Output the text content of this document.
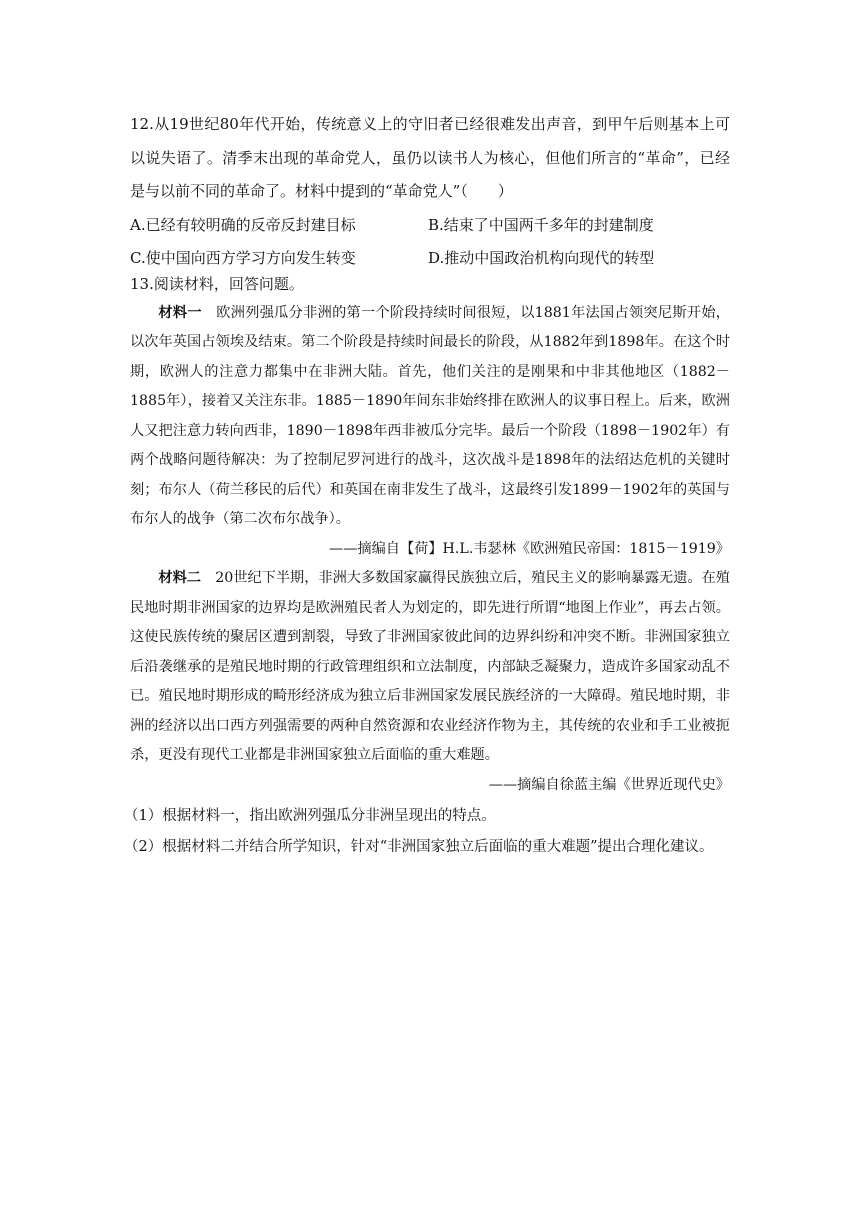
12.从19世纪80年代开始，传统意义上的守旧者已经很难发出声音，到甲午后则基本上可以说失语了。清季末出现的革命党人，虽仍以读书人为核心，但他们所言的“革命”，已经是与以前不同的革命了。材料中提到的“革命党人”（　　）

A.已经有较明确的反帝反封建目标	B.结束了中国两千多年的封建制度
C.使中国向西方学习方向发生转变	D.推动中国政治机构向现代的转型

13.阅读材料，回答问题。

材料一　 欧洲列强瓜分非洲的第一个阶段持续时间很短，以1881年法国占领突尼斯开始，以次年英国占领埃及结束。第二个阶段是持续时间最长的阶段，从1882年到1898年。在这个时期，欧洲人的注意力都集中在非洲大陆。首先，他们关注的是刚果和中非其他地区（1882－1885年），接着又关注东非。1885－1890年间东非始终排在欧洲人的议事日程上。后来，欧洲人又把注意力转向西非，1890－1898年西非被瓜分完毕。最后一个阶段（1898－1902年）有两个战略问题待解决：为了控制尼罗河进行的战斗，这次战斗是1898年的法绍达危机的关键时刻；布尔人（荷兰移民的后代）和英国在南非发生了战斗，这最终引发1899－1902年的英国与布尔人的战争（第二次布尔战争）。

——摘编自【荷】H.L.韦瑟林《欧洲殖民帝国：1815－1919》

材料二　 20世纪下半期，非洲大多数国家赢得民族独立后，殖民主义的影响暴露无遗。在殖民地时期非洲国家的边界均是欧洲殖民者人为划定的，即先进行所谓“地图上作业”，再去占领。这使民族传统的聚居区遭到割裂，导致了非洲国家彼此间的边界纠纷和冲突不断。非洲国家独立后沿袭继承的是殖民地时期的行政管理组织和立法制度，内部缺乏凝聚力，造成许多国家动乱不已。殖民地时期形成的畸形经济成为独立后非洲国家发展民族经济的一大障碍。殖民地时期，非洲的经济以出口西方列强需要的两种自然资源和农业经济作物为主，其传统的农业和手工业被扼杀，更没有现代工业都是非洲国家独立后面临的重大难题。

——摘编自徐蓝主编《世界近现代史》

（1）根据材料一，指出欧洲列强瓜分非洲呈现出的特点。

（2）根据材料二并结合所学知识，针对“非洲国家独立后面临的重大难题”提出合理化建议。
